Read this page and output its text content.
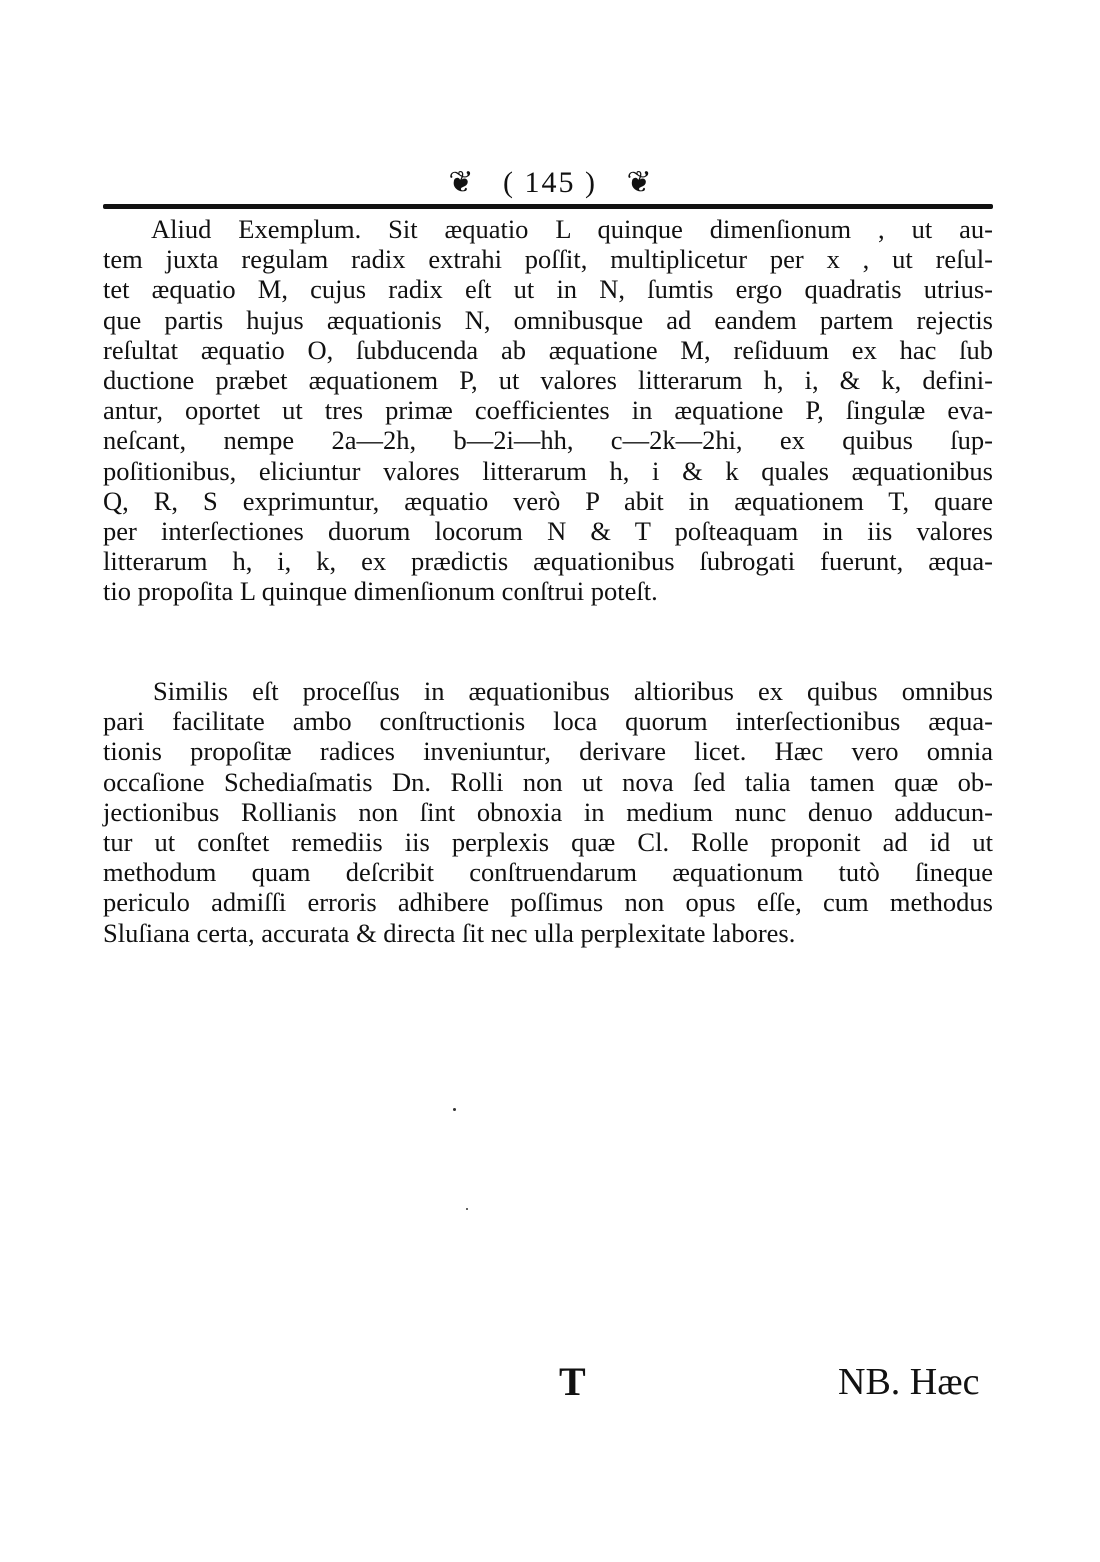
❦ ( 145 ) ❦
Aliud Exemplum. Sit æquatio L quinque dimenſionum , ut au-
tem juxta regulam radix extrahi poſſit, multiplicetur per x , ut reſul-
tet æquatio M, cujus radix eſt ut in N, ſumtis ergo quadratis utrius-
que partis hujus æquationis N, omnibusque ad eandem partem rejectis
reſultat æquatio O, ſubducenda ab æquatione M, reſiduum ex hac ſub
ductione præbet æquationem P, ut valores litterarum h, i, & k, defini-
antur, oportet ut tres primæ coefficientes in æquatione P, ſingulæ eva-
neſcant, nempe 2a—2h, b—2i—hh, c—2k—2hi, ex quibus ſup-
poſitionibus, eliciuntur valores litterarum h, i & k quales æquationibus
Q, R, S exprimuntur, æquatio verò P abit in æquationem T, quare
per interſectiones duorum locorum N & T poſteaquam in iis valores
litterarum h, i, k, ex prædictis æquationibus ſubrogati fuerunt, æqua-
tio propoſita L quinque dimenſionum conſtrui poteſt.
Similis eſt proceſſus in æquationibus altioribus ex quibus omnibus
pari facilitate ambo conſtructionis loca quorum interſectionibus æqua-
tionis propoſitæ radices inveniuntur, derivare licet. Hæc vero omnia
occaſione Schediaſmatis Dn. Rolli non ut nova ſed talia tamen quæ ob-
jectionibus Rollianis non ſint obnoxia in medium nunc denuo adducun-
tur ut conſtet remediis iis perplexis quæ Cl. Rolle proponit ad id ut
methodum quam deſcribit conſtruendarum æquationum tutò ſineque
periculo admiſſi erroris adhibere poſſimus non opus eſſe, cum methodus
Sluſiana certa, accurata & directa ſit nec ulla perplexitate labores.
T	NB. Hæc
